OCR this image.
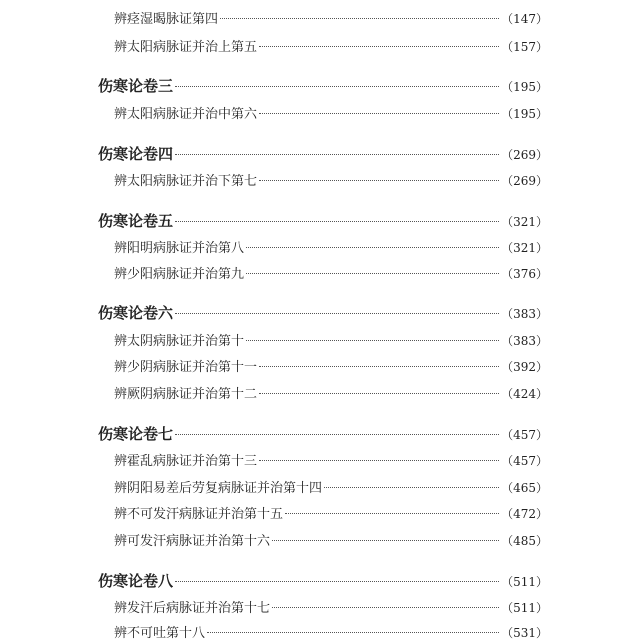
辨痉湿暍脉证第四	（147）
辨太阳病脉证并治上第五	（157）
伤寒论卷三	（195）
辨太阳病脉证并治中第六	（195）
伤寒论卷四	（269）
辨太阳病脉证并治下第七	（269）
伤寒论卷五	（321）
辨阳明病脉证并治第八	（321）
辨少阳病脉证并治第九	（376）
伤寒论卷六	（383）
辨太阴病脉证并治第十	（383）
辨少阴病脉证并治第十一	（392）
辨厥阴病脉证并治第十二	（424）
伤寒论卷七	（457）
辨霍乱病脉证并治第十三	（457）
辨阴阳易差后劳复病脉证并治第十四	（465）
辨不可发汗病脉证并治第十五	（472）
辨可发汗病脉证并治第十六	（485）
伤寒论卷八	（511）
辨发汗后病脉证并治第十七	（511）
辨不可吐第十八	（531）
